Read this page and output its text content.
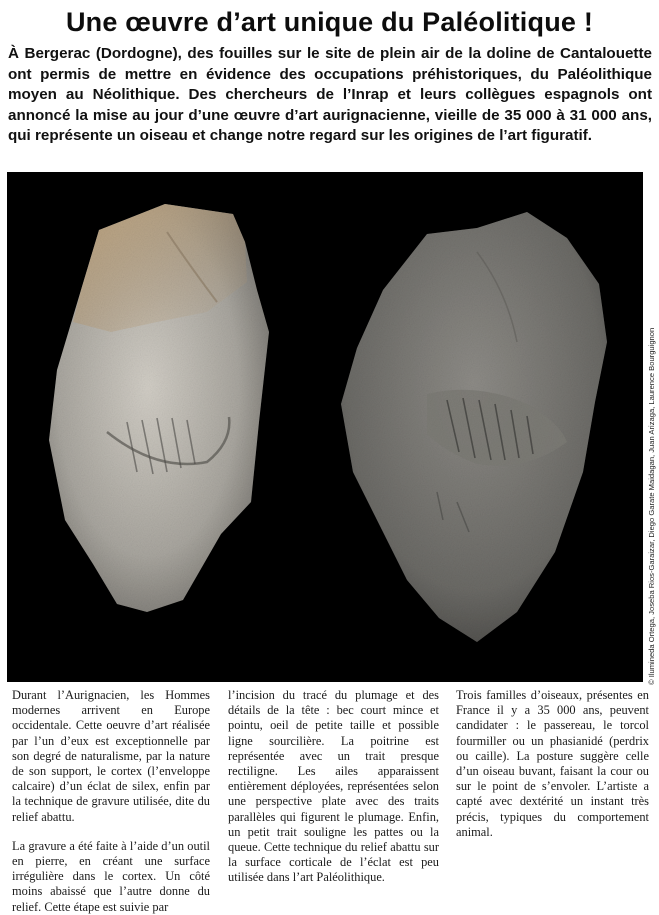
Une œuvre d’art unique du Paléolitique !

À Bergerac (Dordogne), des fouilles sur le site de plein air de la doline de Cantalouette ont permis de mettre en évidence des occupations préhistoriques, du Paléolithique moyen au Néolithique. Des chercheurs de l’Inrap et leurs collègues espagnols ont annoncé la mise au jour d’une œuvre d’art aurignacienne, vieille de 35 000 à 31 000 ans, qui représente un oiseau et change notre regard sur les origines de l’art figuratif.

© Ilumineda Ortega, Joseba Rios-Garaizar, Diego Garate Maidagan, Juan Arizaga, Laurence Bourguignon

Durant l’Aurignacien, les Hommes modernes arrivent en Europe occidentale. Cette oeuvre d’art réalisée par l’un d’eux est exceptionnelle par son degré de naturalisme, par la nature de son support, le cortex (l’enveloppe calcaire) d’un éclat de silex, enfin par la technique de gravure utilisée, dite du relief abattu.

La gravure a été faite à l’aide d’un outil en pierre, en créant une surface irrégulière dans le cortex. Un côté moins abaissé que l’autre donne du relief. Cette étape est suivie par

l’incision du tracé du plumage et des détails de la tête : bec court mince et pointu, oeil de petite taille et possible ligne sourcilière. La poitrine est représentée avec un trait presque rectiligne. Les ailes apparaissent entièrement déployées, représentées selon une perspective plate avec des traits parallèles qui figurent le plumage. Enfin, un petit trait souligne les pattes ou la queue. Cette technique du relief abattu sur la surface corticale de l’éclat est peu utilisée dans l’art Paléolithique.

Trois familles d’oiseaux, présentes en France il y a 35 000 ans, peuvent candidater : le passereau, le torcol fourmiller ou un phasianidé (perdrix ou caille). La posture suggère celle d’un oiseau buvant, faisant la cour ou sur le point de s’envoler. L’artiste a capté avec dextérité un instant très précis, typiques du comportement animal.
